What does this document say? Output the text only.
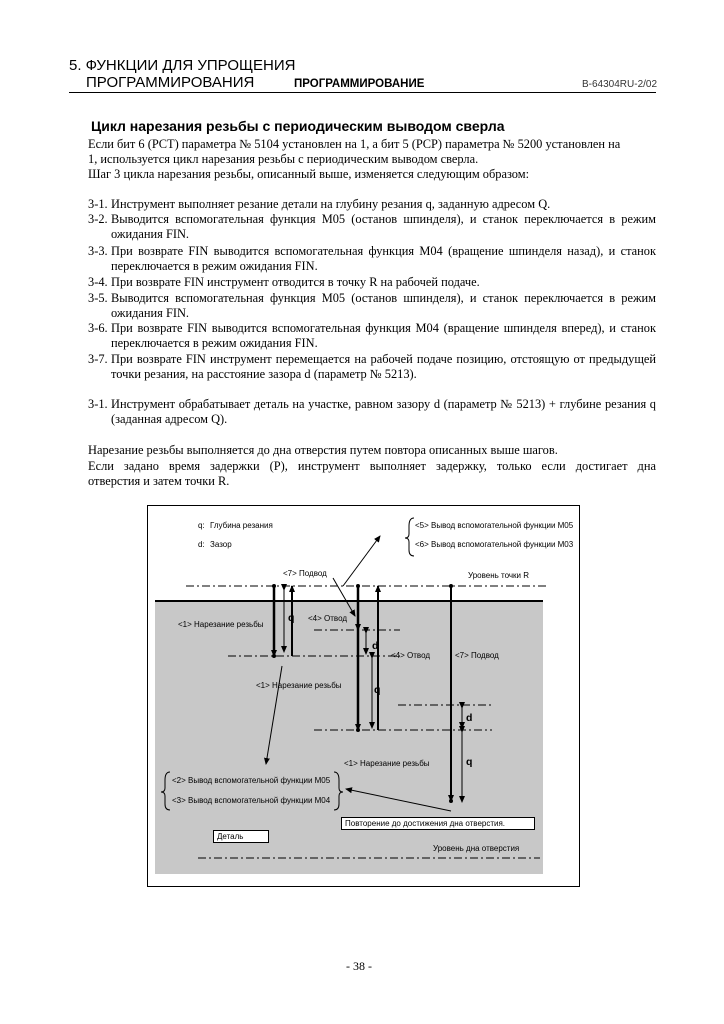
5. ФУНКЦИИ ДЛЯ УПРОЩЕНИЯ
ПРОГРАММИРОВАНИЯ	ПРОГРАММИРОВАНИЕ	B-64304RU-2/02
Цикл нарезания резьбы с периодическим выводом сверла
Если бит 6 (PCT) параметра № 5104 установлен на 1, а бит 5 (PCP) параметра № 5200 установлен на
1, используется цикл нарезания резьбы с периодическим выводом сверла.
Шаг 3 цикла нарезания резьбы, описанный выше, изменяется следующим образом:
3-1. Инструмент выполняет резание детали на глубину резания q, заданную адресом Q.
3-2. Выводится вспомогательная функция M05 (останов шпинделя), и станок переключается в режим ожидания FIN.
3-3. При возврате FIN выводится вспомогательная функция M04 (вращение шпинделя назад), и станок переключается в режим ожидания FIN.
3-4. При возврате FIN инструмент отводится в точку R на рабочей подаче.
3-5. Выводится вспомогательная функция M05 (останов шпинделя), и станок переключается в режим ожидания FIN.
3-6. При возврате FIN выводится вспомогательная функция M04 (вращение шпинделя вперед), и станок переключается в режим ожидания FIN.
3-7. При возврате FIN инструмент перемещается на рабочей подаче позицию, отстоящую от предыдущей точки резания, на расстояние зазора d (параметр № 5213).
3-1. Инструмент обрабатывает деталь на участке, равном зазору d (параметр № 5213) + глубине резания q (заданная адресом Q).
Нарезание резьбы выполняется до дна отверстия путем повтора описанных выше шагов.
Если задано время задержки (P), инструмент выполняет задержку, только если достигает дна
отверстия и затем точки R.
q: Глубина резания
d: Зазор
<5> Вывод вспомогательной функции M05
<6> Вывод вспомогательной функции M03
<7> Подвод	Уровень точки R
<1> Нарезание резьбы
<4> Отвод
<4> Отвод	<7> Подвод
<1> Нарезание резьбы
<1> Нарезание резьбы
<2> Вывод вспомогательной функции M05
<3> Вывод вспомогательной функции M04
Повторение до достижения дна отверстия.
Деталь
Уровень дна отверстия
q
d
q
d
q
- 38 -
